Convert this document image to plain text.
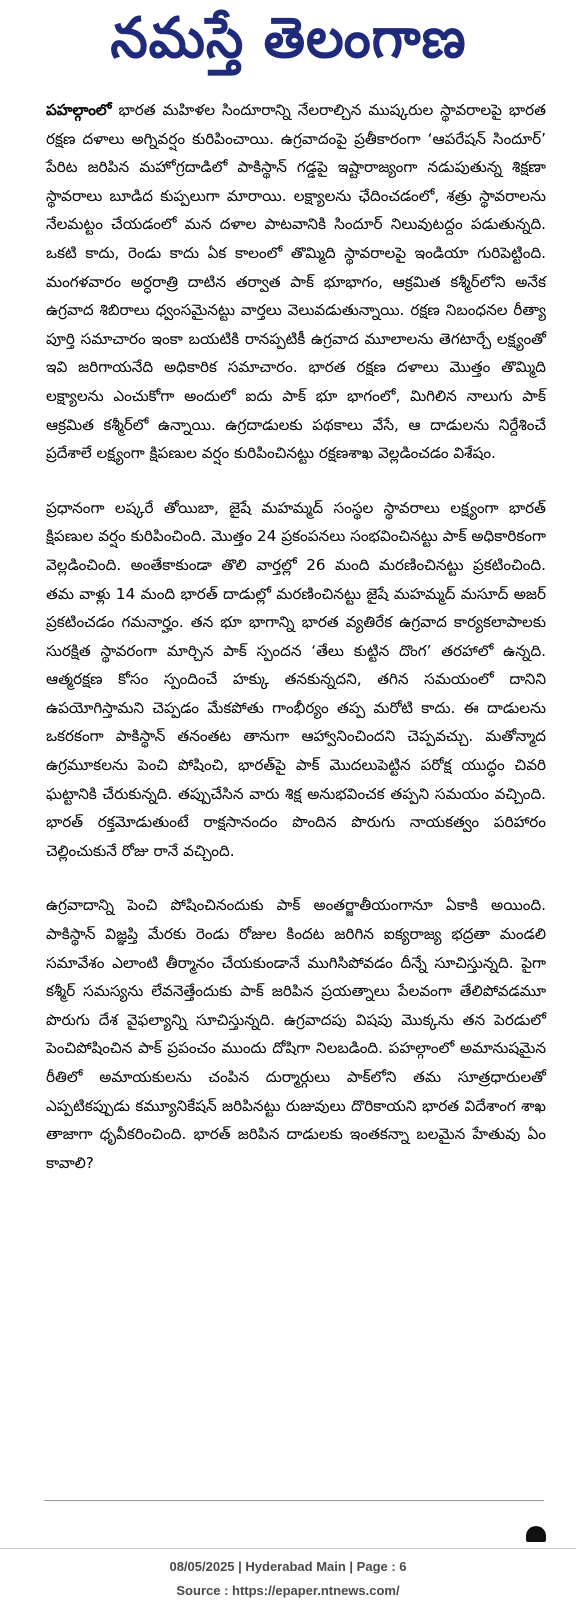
నమస్తే తెలంగాణ

పహల్గాంలో భారత మహిళల సిందూరాన్ని నేలరాల్చిన ముష్కరుల స్థావరాలపై భారత రక్షణ దళాలు అగ్నివర్షం కురిపించాయి. ఉగ్రవాదంపై ప్రతీకారంగా ‘ఆపరేషన్ సిందూర్’ పేరిట జరిపిన మహోగ్రదాడిలో పాకిస్థాన్ గడ్డపై ఇష్టారాజ్యంగా నడుపుతున్న శిక్షణా స్థావరాలు బూడిద కుప్పలుగా మారాయి. లక్ష్యాలను ఛేదించడంలో, శత్రు స్థావరాలను నేలమట్టం చేయడంలో మన దళాల పాటవానికి సిందూర్ నిలువుటద్దం పడుతున్నది. ఒకటి కాదు, రెండు కాదు ఏక కాలంలో తొమ్మిది స్థావరాలపై ఇండియా గురిపెట్టింది. మంగళవారం అర్ధరాత్రి దాటిన తర్వాత పాక్ భూభాగం, ఆక్రమిత కశ్మీర్‌లోని అనేక ఉగ్రవాద శిబిరాలు ధ్వంసమైనట్టు వార్తలు వెలువడుతున్నాయి. రక్షణ నిబంధనల రీత్యా పూర్తి సమాచారం ఇంకా బయటికి రానప్పటికీ ఉగ్రవాద మూలాలను తెగటార్చే లక్ష్యంతో ఇవి జరిగాయనేది అధికారిక సమాచారం. భారత రక్షణ దళాలు మొత్తం తొమ్మిది లక్ష్యాలను ఎంచుకోగా అందులో ఐదు పాక్ భూ భాగంలో, మిగిలిన నాలుగు పాక్ ఆక్రమిత కశ్మీర్‌లో ఉన్నాయి. ఉగ్రదాడులకు పథకాలు వేసే, ఆ దాడులను నిర్దేశించే ప్రదేశాలే లక్ష్యంగా క్షిపణుల వర్షం కురిపించినట్టు రక్షణశాఖ వెల్లడించడం విశేషం.

ప్రధానంగా లష్కరే తోయిబా, జైషే మహమ్మద్ సంస్థల స్థావరాలు లక్ష్యంగా భారత్ క్షిపణుల వర్షం కురిపించింది. మొత్తం 24 ప్రకంపనలు సంభవించినట్టు పాక్ అధికారికంగా వెల్లడించింది. అంతేకాకుండా తొలి వార్తల్లో 26 మంది మరణించినట్టు ప్రకటించింది. తమ వాళ్లు 14 మంది భారత్ దాడుల్లో మరణించినట్టు జైషే మహమ్మద్ మసూద్ అజర్ ప్రకటించడం గమనార్హం. తన భూ భాగాన్ని భారత వ్యతిరేక ఉగ్రవాద కార్యకలాపాలకు సురక్షిత స్థావరంగా మార్చిన పాక్ స్పందన ‘తేలు కుట్టిన దొంగ’ తరహాలో ఉన్నది. ఆత్మరక్షణ కోసం స్పందించే హక్కు తనకున్నదని, తగిన సమయంలో దానిని ఉపయోగిస్తామని చెప్పడం మేకపోతు గాంభీర్యం తప్ప మరోటి కాదు. ఈ దాడులను ఒకరకంగా పాకిస్థాన్ తనంతట తానుగా ఆహ్వానించిందని చెప్పవచ్చు. మతోన్మాద ఉగ్రమూకలను పెంచి పోషించి, భారత్‌పై పాక్ మొదలుపెట్టిన పరోక్ష యుద్ధం చివరి ఘట్టానికి చేరుకున్నది. తప్పుచేసిన వారు శిక్ష అనుభవించక తప్పని సమయం వచ్చింది. భారత్ రక్తమోడుతుంటే రాక్షసానందం పొందిన పొరుగు నాయకత్వం పరిహారం చెల్లించుకునే రోజు రానే వచ్చింది.

ఉగ్రవాదాన్ని పెంచి పోషించినందుకు పాక్ అంతర్జాతీయంగానూ ఏకాకి అయింది. పాకిస్థాన్ విజ్ఞప్తి మేరకు రెండు రోజుల కిందట జరిగిన ఐక్యరాజ్య భద్రతా మండలి సమావేశం ఎలాంటి తీర్మానం చేయకుండానే ముగిసిపోవడం దీన్నే సూచిస్తున్నది. పైగా కశ్మీర్ సమస్యను లేవనెత్తేందుకు పాక్ జరిపిన ప్రయత్నాలు పేలవంగా తేలిపోవడమూ పొరుగు దేశ వైఫల్యాన్ని సూచిస్తున్నది. ఉగ్రవాదపు విషపు మొక్కను తన పెరడులో పెంచిపోషించిన పాక్ ప్రపంచం ముందు దోషిగా నిలబడింది. పహల్గాంలో అమానుషమైన రీతిలో అమాయకులను చంపిన దుర్మార్గులు పాక్‌లోని తమ సూత్రధారులతో ఎప్పటికప్పుడు కమ్యూనికేషన్ జరిపినట్టు రుజువులు దొరికాయని భారత విదేశాంగ శాఖ తాజాగా ధృవీకరించింది. భారత్ జరిపిన దాడులకు ఇంతకన్నా బలమైన హేతువు ఏం కావాలి?

08/05/2025 | Hyderabad Main | Page : 6
Source : https://epaper.ntnews.com/
